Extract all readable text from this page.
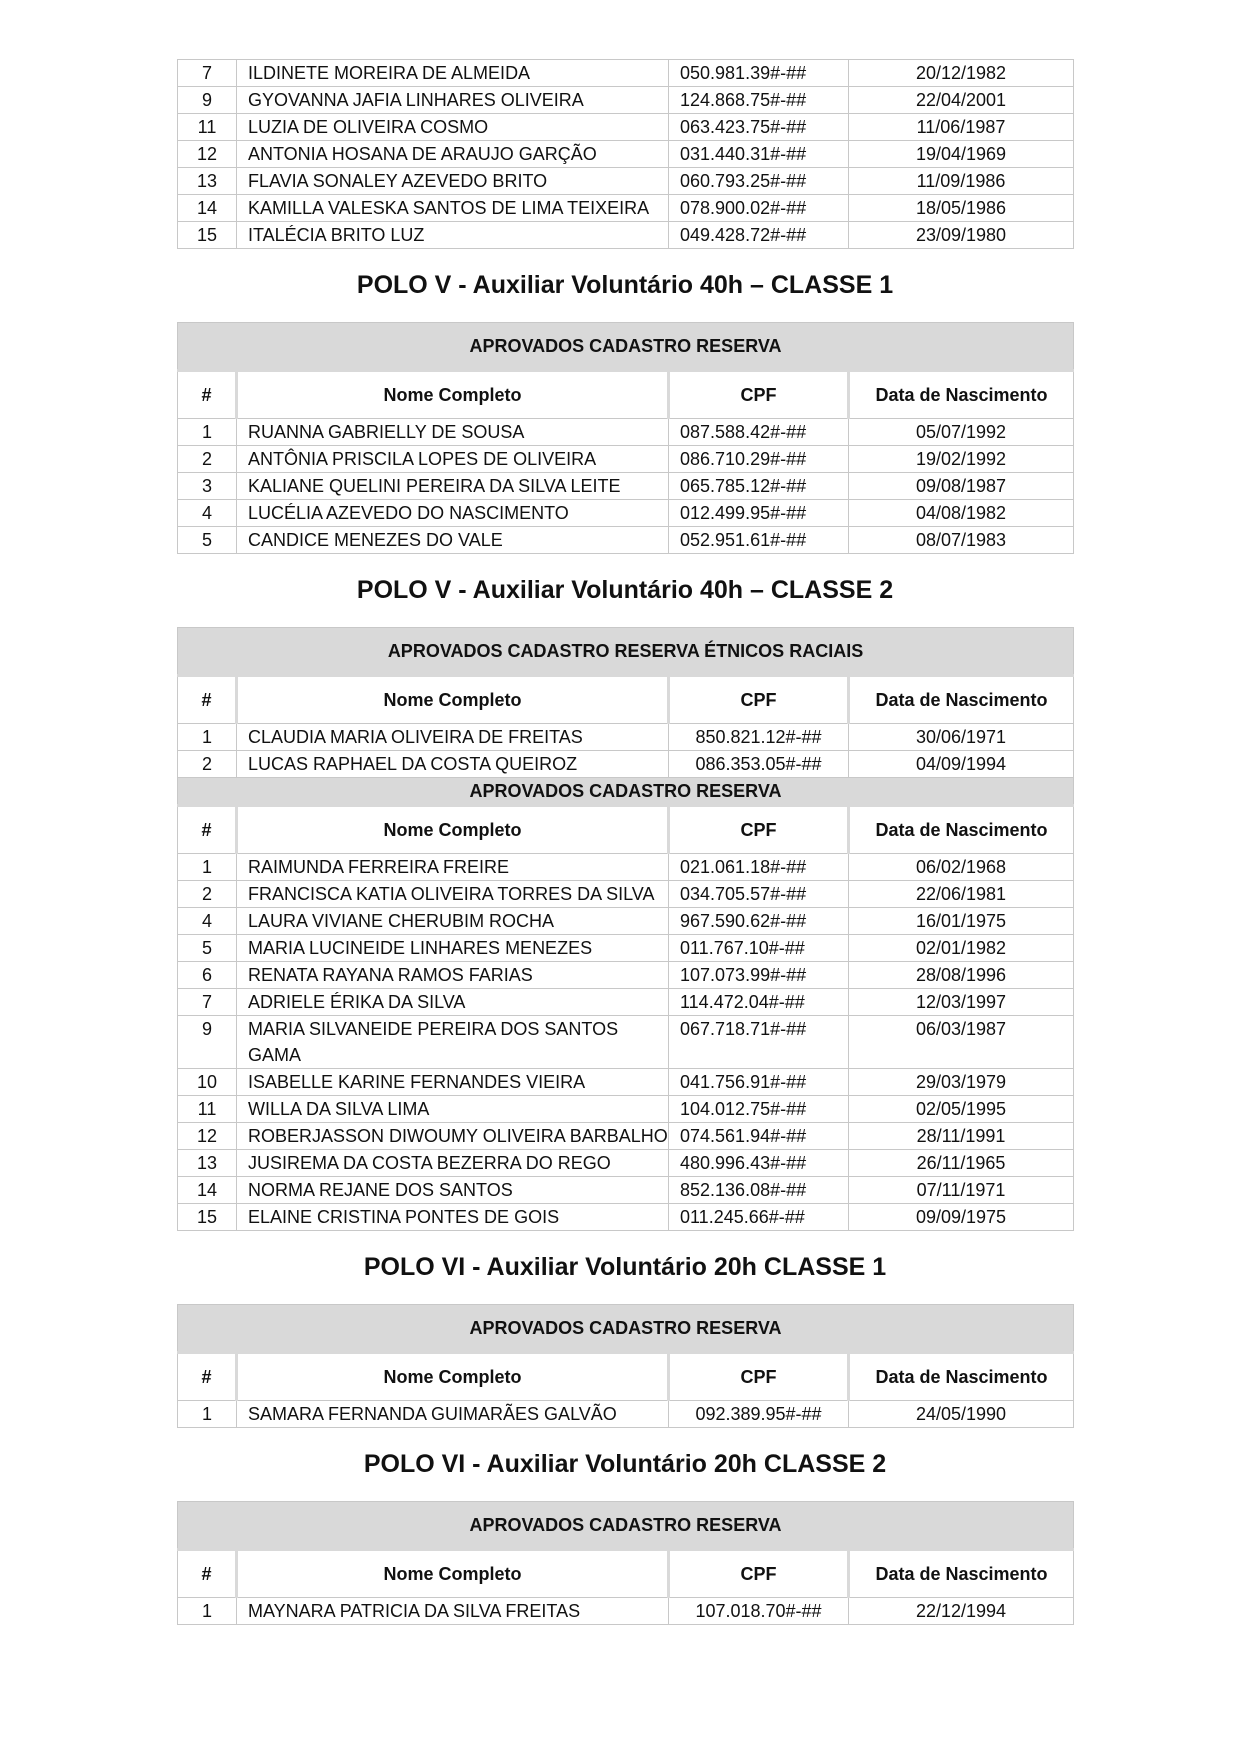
7	ILDINETE MOREIRA DE ALMEIDA	050.981.39#-##	20/12/1982
9	GYOVANNA JAFIA LINHARES OLIVEIRA	124.868.75#-##	22/04/2001
11	LUZIA DE OLIVEIRA COSMO	063.423.75#-##	11/06/1987
12	ANTONIA HOSANA DE ARAUJO GARÇÃO	031.440.31#-##	19/04/1969
13	FLAVIA SONALEY AZEVEDO BRITO	060.793.25#-##	11/09/1986
14	KAMILLA VALESKA SANTOS DE LIMA TEIXEIRA	078.900.02#-##	18/05/1986
15	ITALÉCIA BRITO LUZ	049.428.72#-##	23/09/1980
POLO V - Auxiliar Voluntário 40h – CLASSE 1
APROVADOS CADASTRO RESERVA			
#	Nome Completo	CPF	Data de Nascimento
1	RUANNA GABRIELLY DE SOUSA	087.588.42#-##	05/07/1992
2	ANTÔNIA PRISCILA LOPES DE OLIVEIRA	086.710.29#-##	19/02/1992
3	KALIANE QUELINI PEREIRA DA SILVA LEITE	065.785.12#-##	09/08/1987
4	LUCÉLIA AZEVEDO DO NASCIMENTO	012.499.95#-##	04/08/1982
5	CANDICE MENEZES DO VALE	052.951.61#-##	08/07/1983
POLO V - Auxiliar Voluntário 40h – CLASSE 2
APROVADOS CADASTRO RESERVA ÉTNICOS RACIAIS			
#	Nome Completo	CPF	Data de Nascimento
1	CLAUDIA MARIA OLIVEIRA DE FREITAS	850.821.12#-##	30/06/1971
2	LUCAS RAPHAEL DA COSTA QUEIROZ	086.353.05#-##	04/09/1994
APROVADOS CADASTRO RESERVA			
#	Nome Completo	CPF	Data de Nascimento
1	RAIMUNDA FERREIRA FREIRE	021.061.18#-##	06/02/1968
2	FRANCISCA KATIA OLIVEIRA TORRES DA SILVA	034.705.57#-##	22/06/1981
4	LAURA VIVIANE CHERUBIM ROCHA	967.590.62#-##	16/01/1975
5	MARIA LUCINEIDE LINHARES MENEZES	011.767.10#-##	02/01/1982
6	RENATA RAYANA RAMOS FARIAS	107.073.99#-##	28/08/1996
7	ADRIELE ÉRIKA DA SILVA	114.472.04#-##	12/03/1997
9	MARIA SILVANEIDE PEREIRA DOS SANTOS
GAMA	067.718.71#-##	06/03/1987
10	ISABELLE KARINE FERNANDES VIEIRA	041.756.91#-##	29/03/1979
11	WILLA DA SILVA LIMA	104.012.75#-##	02/05/1995
12	ROBERJASSON DIWOUMY OLIVEIRA BARBALHO	074.561.94#-##	28/11/1991
13	JUSIREMA DA COSTA BEZERRA DO REGO	480.996.43#-##	26/11/1965
14	NORMA REJANE DOS SANTOS	852.136.08#-##	07/11/1971
15	ELAINE CRISTINA PONTES DE GOIS	011.245.66#-##	09/09/1975
POLO VI - Auxiliar Voluntário 20h CLASSE 1
APROVADOS CADASTRO RESERVA			
#	Nome Completo	CPF	Data de Nascimento
1	SAMARA FERNANDA GUIMARÃES GALVÃO	092.389.95#-##	24/05/1990
POLO VI - Auxiliar Voluntário 20h CLASSE 2
APROVADOS CADASTRO RESERVA			
#	Nome Completo	CPF	Data de Nascimento
1	MAYNARA PATRICIA DA SILVA FREITAS	107.018.70#-##	22/12/1994
